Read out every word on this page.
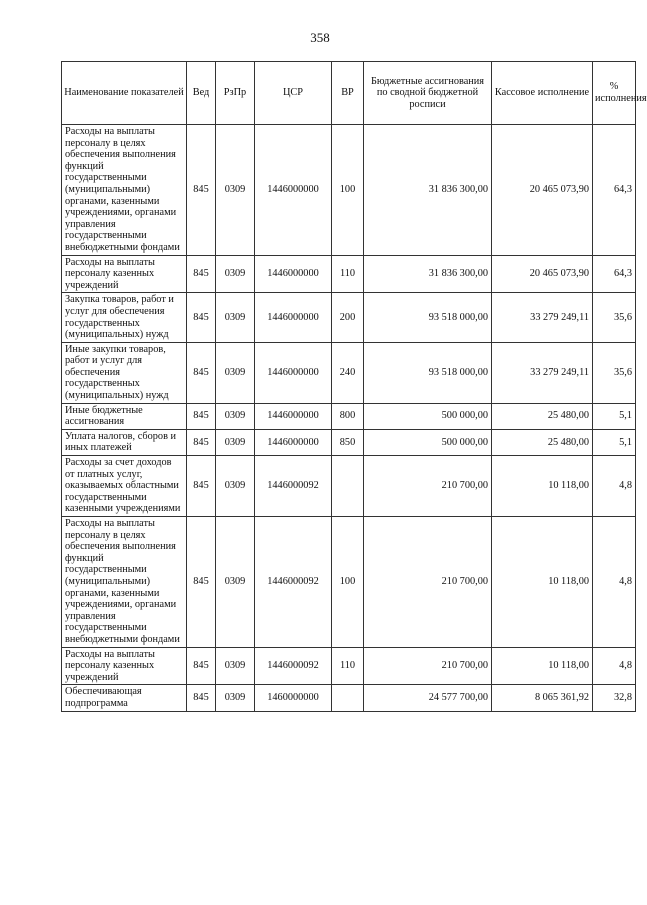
358
Наименование показателей	Вед	РзПр	ЦСР	ВР	Бюджетные ассигнования по сводной бюджетной росписи	Кассовое исполнение	% исполнения
Расходы на выплаты персоналу в целях обеспечения выполнения функций государственными (муниципальными) органами, казенными учреждениями, органами управления государственными внебюджетными фондами	845	0309	1446000000	100	31 836 300,00	20 465 073,90	64,3
Расходы на выплаты персоналу казенных учреждений	845	0309	1446000000	110	31 836 300,00	20 465 073,90	64,3
Закупка товаров, работ и услуг для обеспечения государственных (муниципальных) нужд	845	0309	1446000000	200	93 518 000,00	33 279 249,11	35,6
Иные закупки товаров, работ и услуг для обеспечения государственных (муниципальных) нужд	845	0309	1446000000	240	93 518 000,00	33 279 249,11	35,6
Иные бюджетные ассигнования	845	0309	1446000000	800	500 000,00	25 480,00	5,1
Уплата налогов, сборов и иных платежей	845	0309	1446000000	850	500 000,00	25 480,00	5,1
Расходы за счет доходов от платных услуг, оказываемых областными государственными казенными учреждениями	845	0309	1446000092		210 700,00	10 118,00	4,8
Расходы на выплаты персоналу в целях обеспечения выполнения функций государственными (муниципальными) органами, казенными учреждениями, органами управления государственными внебюджетными фондами	845	0309	1446000092	100	210 700,00	10 118,00	4,8
Расходы на выплаты персоналу казенных учреждений	845	0309	1446000092	110	210 700,00	10 118,00	4,8
Обеспечивающая подпрограмма	845	0309	1460000000		24 577 700,00	8 065 361,92	32,8
